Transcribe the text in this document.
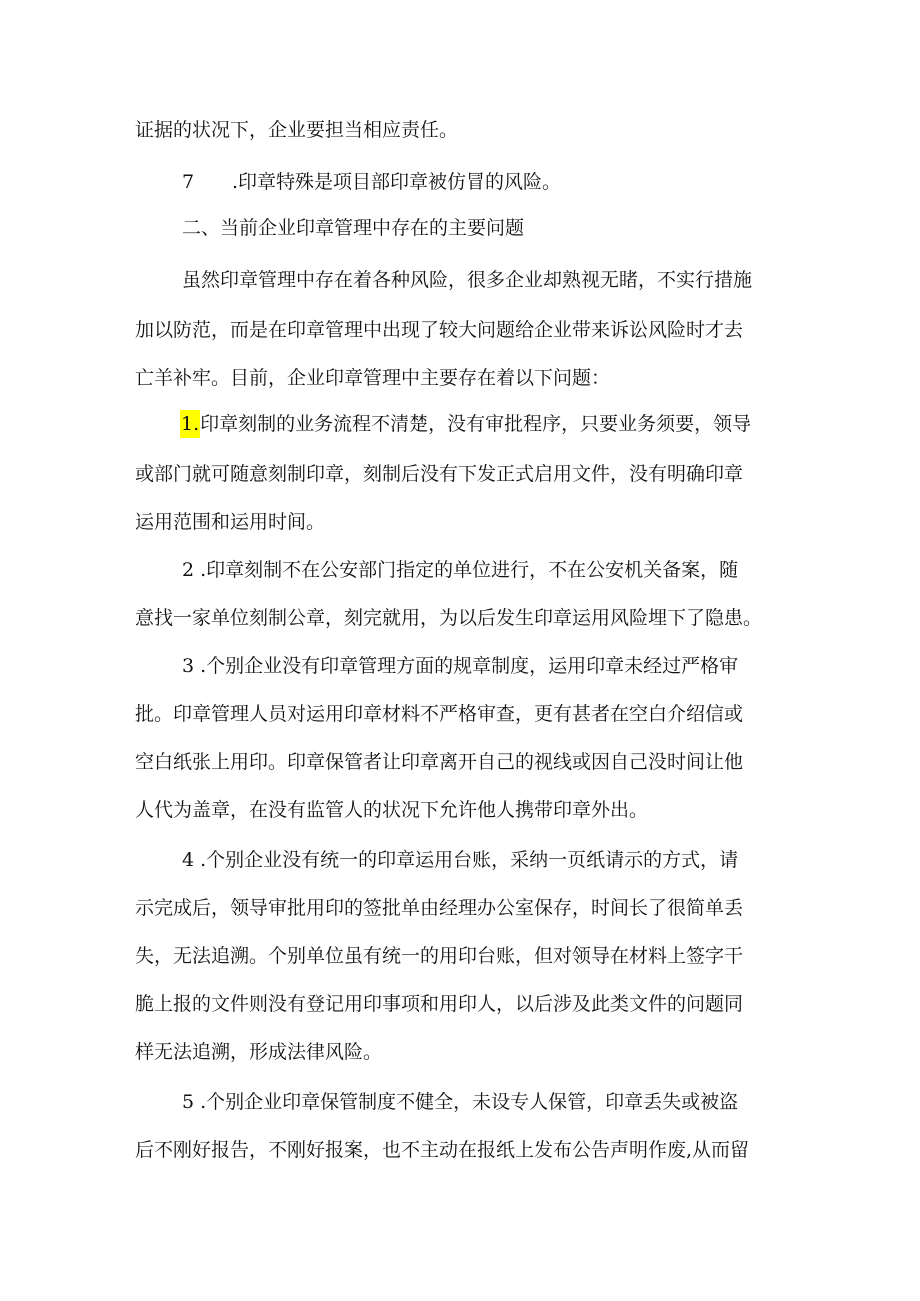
证据的状况下，企业要担当相应责任。
7 .印章特殊是项目部印章被仿冒的风险。
二、当前企业印章管理中存在的主要问题
虽然印章管理中存在着各种风险，很多企业却熟视无睹，不实行措施
加以防范，而是在印章管理中出现了较大问题给企业带来诉讼风险时才去
亡羊补牢。目前，企业印章管理中主要存在着以下问题：
1.印章刻制的业务流程不清楚，没有审批程序，只要业务须要，领导
或部门就可随意刻制印章，刻制后没有下发正式启用文件，没有明确印章
运用范围和运用时间。
2 .印章刻制不在公安部门指定的单位进行，不在公安机关备案，随
意找一家单位刻制公章，刻完就用，为以后发生印章运用风险埋下了隐患。
3 .个别企业没有印章管理方面的规章制度，运用印章未经过严格审
批。印章管理人员对运用印章材料不严格审查，更有甚者在空白介绍信或
空白纸张上用印。印章保管者让印章离开自己的视线或因自己没时间让他
人代为盖章，在没有监管人的状况下允许他人携带印章外出。
4 .个别企业没有统一的印章运用台账，采纳一页纸请示的方式，请
示完成后，领导审批用印的签批单由经理办公室保存，时间长了很简单丢
失，无法追溯。个别单位虽有统一的用印台账，但对领导在材料上签字干
脆上报的文件则没有登记用印事项和用印人，以后涉及此类文件的问题同
样无法追溯，形成法律风险。
5 .个别企业印章保管制度不健全，未设专人保管，印章丢失或被盗
后不刚好报告，不刚好报案，也不主动在报纸上发布公告声明作废,从而留
